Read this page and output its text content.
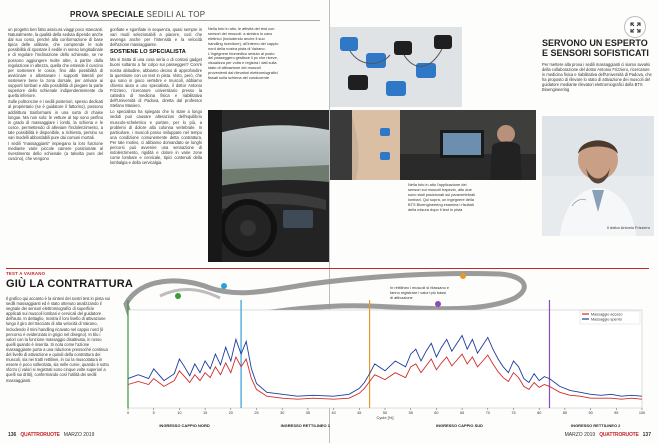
PROVA SPECIALE SEDILI AL TOP

un progetto ben fatto assicura viaggi poco stancanti. Naturalmente, la qualità della seduta dipende anche dal suo costo, perché alla conformazione di base tipica delle utilitarie, che comprende le sole possibilità di spostare il sedile in senso longitudinale e di regolare l'inclinazione dello schienale, se ne possono aggiungere molte altre, a partire dalla regolazione in altezza, quella che estende il cuscino per sostenere le cosce, fino alla possibilità di avvicinare o allontanare i supporti laterali per sostenere bene la zona dorsale, per arrivare ai supporti lombari e alla possibilità di piegare la parte superiore dello schienale indipendentemente da quella inferiore.

Sulle poltroncine e i sedili posteriori, spesso dedicati al proprietario (se è guidatore il fattorino), possono addirittura trasformarsi in una sorta di chaise longue. Ma non solo: le vetture al top sono perfino in grado di massaggiare i lombi, la schiena e le cosce, permettendo di alleviare l'indolenzimento, a tale possibilità è disponibile, a richiesta, persino su vari modelli abbordabili pure dai comuni mortali.

I sedili "massaggianti" impiegano la loro funzione mediante varie piccole camere posizionate al rivestimento dello schienale (a talvolta pure del cuscino), che vengono

gonfiate e sgonfiate in sequenza, quasi sempre in vari modi selezionabili a piacere, così che avvenga anche per l'intensità e la velocità dell'azione massaggiante.

SOSTIENE LO SPECIALISTA

Ma si tratta di una cosa seria o di costosi gadget buoni soltanto a far colpo sui passeggeri? Com'è nostra abitudine, abbiamo deciso di approfondire la questione con un test in pista. Visto, però, che qui sono in gioco vertebre e muscoli, abbiamo chiesto aiuto a uno specialista, il dottor Antonio Frizziero, ricercatore universitario presso la cattedra di medicina fisica e riabilitativa dell'Università di Padova, diretta dal professor Stefano Masiero.

Lo specialista ha spiegato che lo stare a lungo seduti può causare alterazioni dell'equilibrio muscolo-scheletrico e portare, per lo più, a problemi di dolore alla colonna vertebrale. In particolare, i muscoli posso sviluppare nel tempo una condizione comunemente detta contrattura. Per tale motivo, ci abbiamo domandato se lunghi percorsi può avvenire una sensazione di indolenzimento, rigidità e dolore in varie zone come lombare e cervicale, tipici contenuti della lombalgia e della cervicalgia.

Nella foto in alto, le attività del test con sensori dei muscoli: a sinistra lo cavo elettrico (includendo anche il suo handling ricevitore), all'interno del cappio nord della nostra pista di Vairano. L'ingegnere biomedico seduto al posto del passeggero gestisce il pc che riceve, visualizza per volta e registra i dati sulla stato di attivazione dei muscoli provenienti dai rilevatori elettromiografici fissati sulla schiena del conducente
SERVONO UN ESPERTO
E SENSORI SOFISTICATI
Per mettere alla prova i sedili massaggianti ci siamo avvalsi della collaborazione del dottor Antonio Frizziero, ricercatore in medicina fisica e riabilitativa dell'Università di Padova, che ha proposto di rilevare lo stato di attivazione dei muscoli del guidatore mediante rilevatori elettromiografici della BTS Bioengineering
Nella foto in alto l'applicazione dei sensori sui muscoli trapezio, alto due sono stati posizionati sui paravertebrali lombari. Qui sopra, un ingegnere della BTS Bioengineering esamina i risultati della misura dopo il test in pista
Il dottor Antonio Frizziero
TEST A VAIRANO
GIÙ LA CONTRATTURA
Il grafico qui accanto è la sintesi dei nostri test in pista sui sedili massaggianti ed è stato ottenuto analizzando il segnale dei sensori elettromiografici di superficie applicati sui muscoli lombari e cervicali del guidatore dell'auto. In dettaglio, mostra il loro livello di attivazione lungo il giro del tracciato di alta velocità di Vairano, includendo il mini handling ricavato nel cappio nord (il percorso è evidenziato in grigio nel disegno). In blu i valori con la funzione massaggio disattivata, in rosso quelli quando è inserita. Si nota come l'azione massaggiante porta a una riduzione pressoché continua del livello di attivazione e quindi della contrattura dei muscoli, sia nei tratti rettilinei, in cui la muscolatura in essere è poco sollecitata, sia nelle curve, quando è sotto sforzo (i valori si registrati sono cinque volte superiori a quelli sui dritti), confermando così l'utilità dei sedili massaggianti.
In rettilineo i muscoli si rilassano e fanno registrare i valori più bassi di attivazione
0	5	10	15	20	25	30	35	40	45	50	55	60	65	70	75	80	85	90	95	100
Cycle [%]
Massaggio acceso
Massaggio spento
INGRESSO CAPPIO NORD	INGRESSO RETTILINEO 1	INGRESSO CAPPIO SUD	INGRESSO RETTILINEO 2
136 QUATTRORUOTE MARZO 2019	MARZO 2019 QUATTRORUOTE 137
